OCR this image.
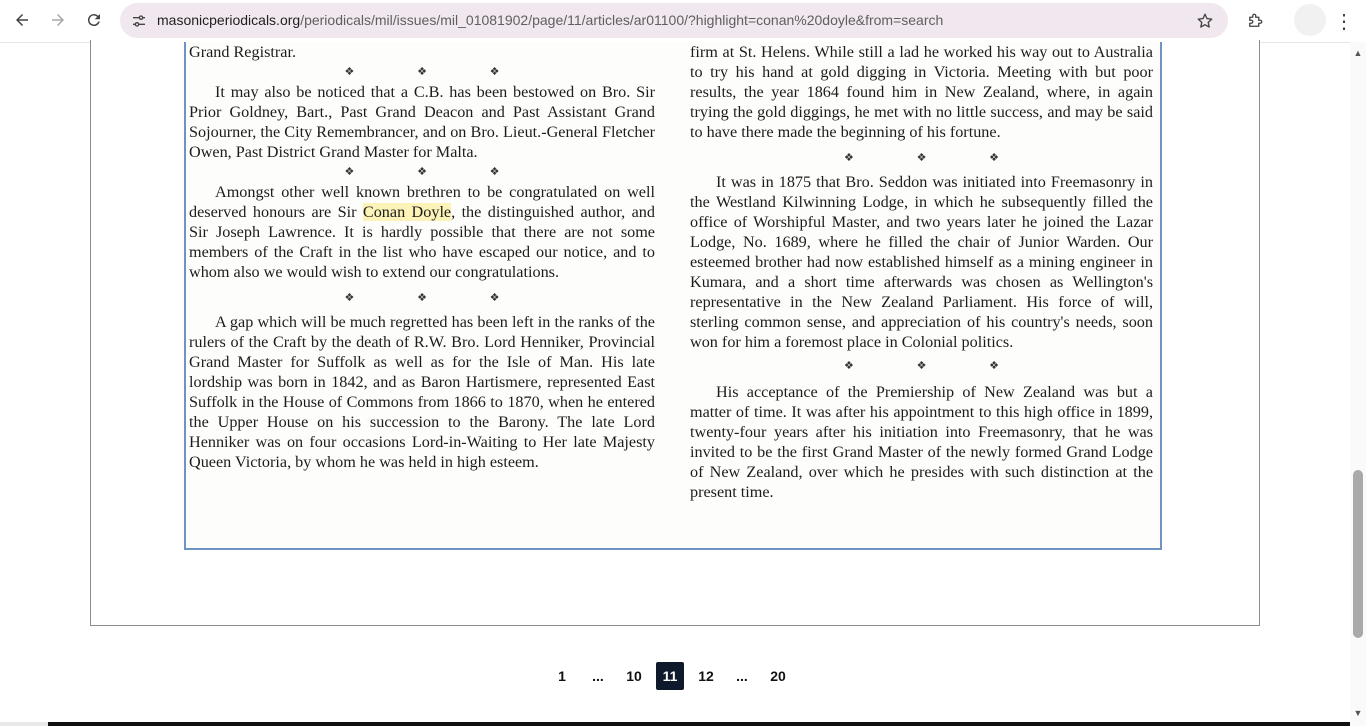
masonicperiodicals.org/periodicals/mil/issues/mil_01081902/page/11/articles/ar01100/?highlight=conan%20doyle&from=search	⋮

Grand Registrar.

❖ ❖ ❖

It may also be noticed that a C.B. has been bestowed on Bro. Sir Prior Goldney, Bart., Past Grand Deacon and Past Assistant Grand Sojourner, the City Remembrancer, and on Bro. Lieut.-General Fletcher Owen, Past District Grand Master for Malta.

❖ ❖ ❖

Amongst other well known brethren to be congratulated on well deserved honours are Sir Conan Doyle, the distinguished author, and Sir Joseph Lawrence. It is hardly possible that there are not some members of the Craft in the list who have escaped our notice, and to whom also we would wish to extend our congratulations.

❖ ❖ ❖

A gap which will be much regretted has been left in the ranks of the rulers of the Craft by the death of R.W. Bro. Lord Henniker, Provincial Grand Master for Suffolk as well as for the Isle of Man. His late lordship was born in 1842, and as Baron Hartismere, represented East Suffolk in the House of Commons from 1866 to 1870, when he entered the Upper House on his succession to the Barony. The late Lord Henniker was on four occasions Lord-in-Waiting to Her late Majesty Queen Victoria, by whom he was held in high esteem.

firm at St. Helens. While still a lad he worked his way out to Australia to try his hand at gold digging in Victoria. Meeting with but poor results, the year 1864 found him in New Zealand, where, in again trying the gold diggings, he met with no little success, and may be said to have there made the beginning of his fortune.

❖ ❖ ❖

It was in 1875 that Bro. Seddon was initiated into Freemasonry in the Westland Kilwinning Lodge, in which he subsequently filled the office of Worshipful Master, and two years later he joined the Lazar Lodge, No. 1689, where he filled the chair of Junior Warden. Our esteemed brother had now established himself as a mining engineer in Kumara, and a short time afterwards was chosen as Wellington's representative in the New Zealand Parliament. His force of will, sterling common sense, and appreciation of his country's needs, soon won for him a foremost place in Colonial politics.

❖ ❖ ❖

His acceptance of the Premiership of New Zealand was but a matter of time. It was after his appointment to this high office in 1899, twenty-four years after his initiation into Freemasonry, that he was invited to be the first Grand Master of the newly formed Grand Lodge of New Zealand, over which he presides with such distinction at the present time.

1	...	10	11	12	...	20
▲
▼
